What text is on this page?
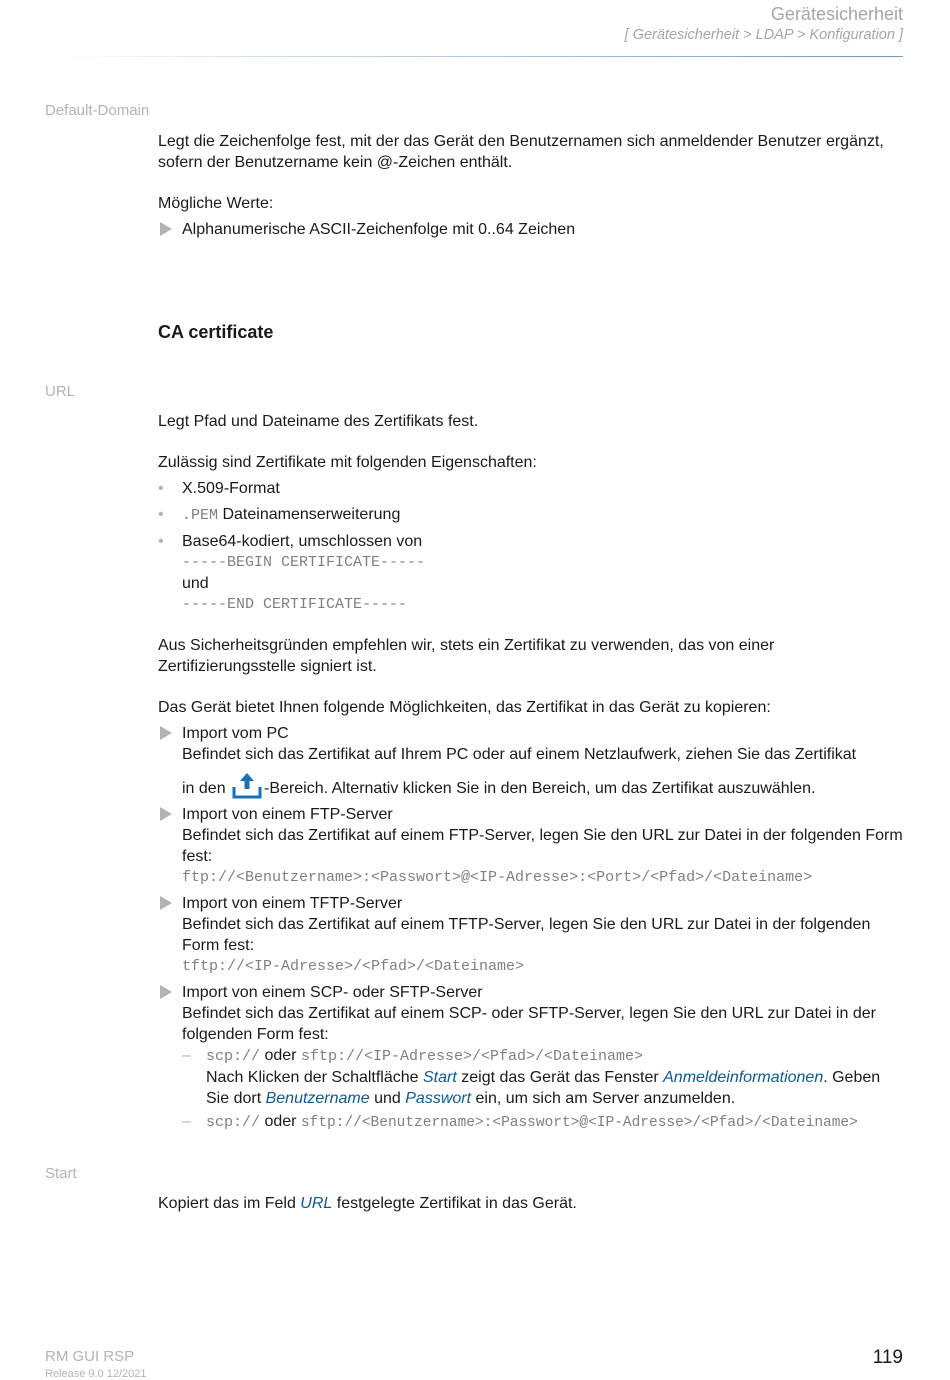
Gerätesicherheit
[ Gerätesicherheit > LDAP > Konfiguration ]
Default-Domain

Legt die Zeichenfolge fest, mit der das Gerät den Benutzernamen sich anmeldender Benutzer ergänzt, sofern der Benutzername kein @-Zeichen enthält.

Mögliche Werte:

Alphanumerische ASCII-Zeichenfolge mit 0..64 Zeichen
CA certificate
URL

Legt Pfad und Dateiname des Zertifikats fest.

Zulässig sind Zertifikate mit folgenden Eigenschaften:

• X.509-Format
• .PEM Dateinamenserweiterung
• Base64-kodiert, umschlossen von
-----BEGIN CERTIFICATE-----
und
-----END CERTIFICATE-----

Aus Sicherheitsgründen empfehlen wir, stets ein Zertifikat zu verwenden, das von einer Zertifizierungsstelle signiert ist.

Das Gerät bietet Ihnen folgende Möglichkeiten, das Zertifikat in das Gerät zu kopieren:

Import vom PC
Befindet sich das Zertifikat auf Ihrem PC oder auf einem Netzlaufwerk, ziehen Sie das Zertifikat
in den -Bereich. Alternativ klicken Sie in den Bereich, um das Zertifikat auszuwählen.
Import von einem FTP-Server
Befindet sich das Zertifikat auf einem FTP-Server, legen Sie den URL zur Datei in der folgenden Form fest:
ftp://<Benutzername>:<Passwort>@<IP-Adresse>:<Port>/<Pfad>/<Dateiname>
Import von einem TFTP-Server
Befindet sich das Zertifikat auf einem TFTP-Server, legen Sie den URL zur Datei in der folgenden Form fest:
tftp://<IP-Adresse>/<Pfad>/<Dateiname>
Import von einem SCP- oder SFTP-Server
Befindet sich das Zertifikat auf einem SCP- oder SFTP-Server, legen Sie den URL zur Datei in der folgenden Form fest:
– scp:// oder sftp://<IP-Adresse>/<Pfad>/<Dateiname>
Nach Klicken der Schaltfläche Start zeigt das Gerät das Fenster Anmeldeinformationen. Geben Sie dort Benutzername und Passwort ein, um sich am Server anzumelden.
– scp:// oder sftp://<Benutzername>:<Passwort>@<IP-Adresse>/<Pfad>/<Dateiname>
Start

Kopiert das im Feld URL festgelegte Zertifikat in das Gerät.

RM GUI RSP
Release 9.0 12/2021
119
